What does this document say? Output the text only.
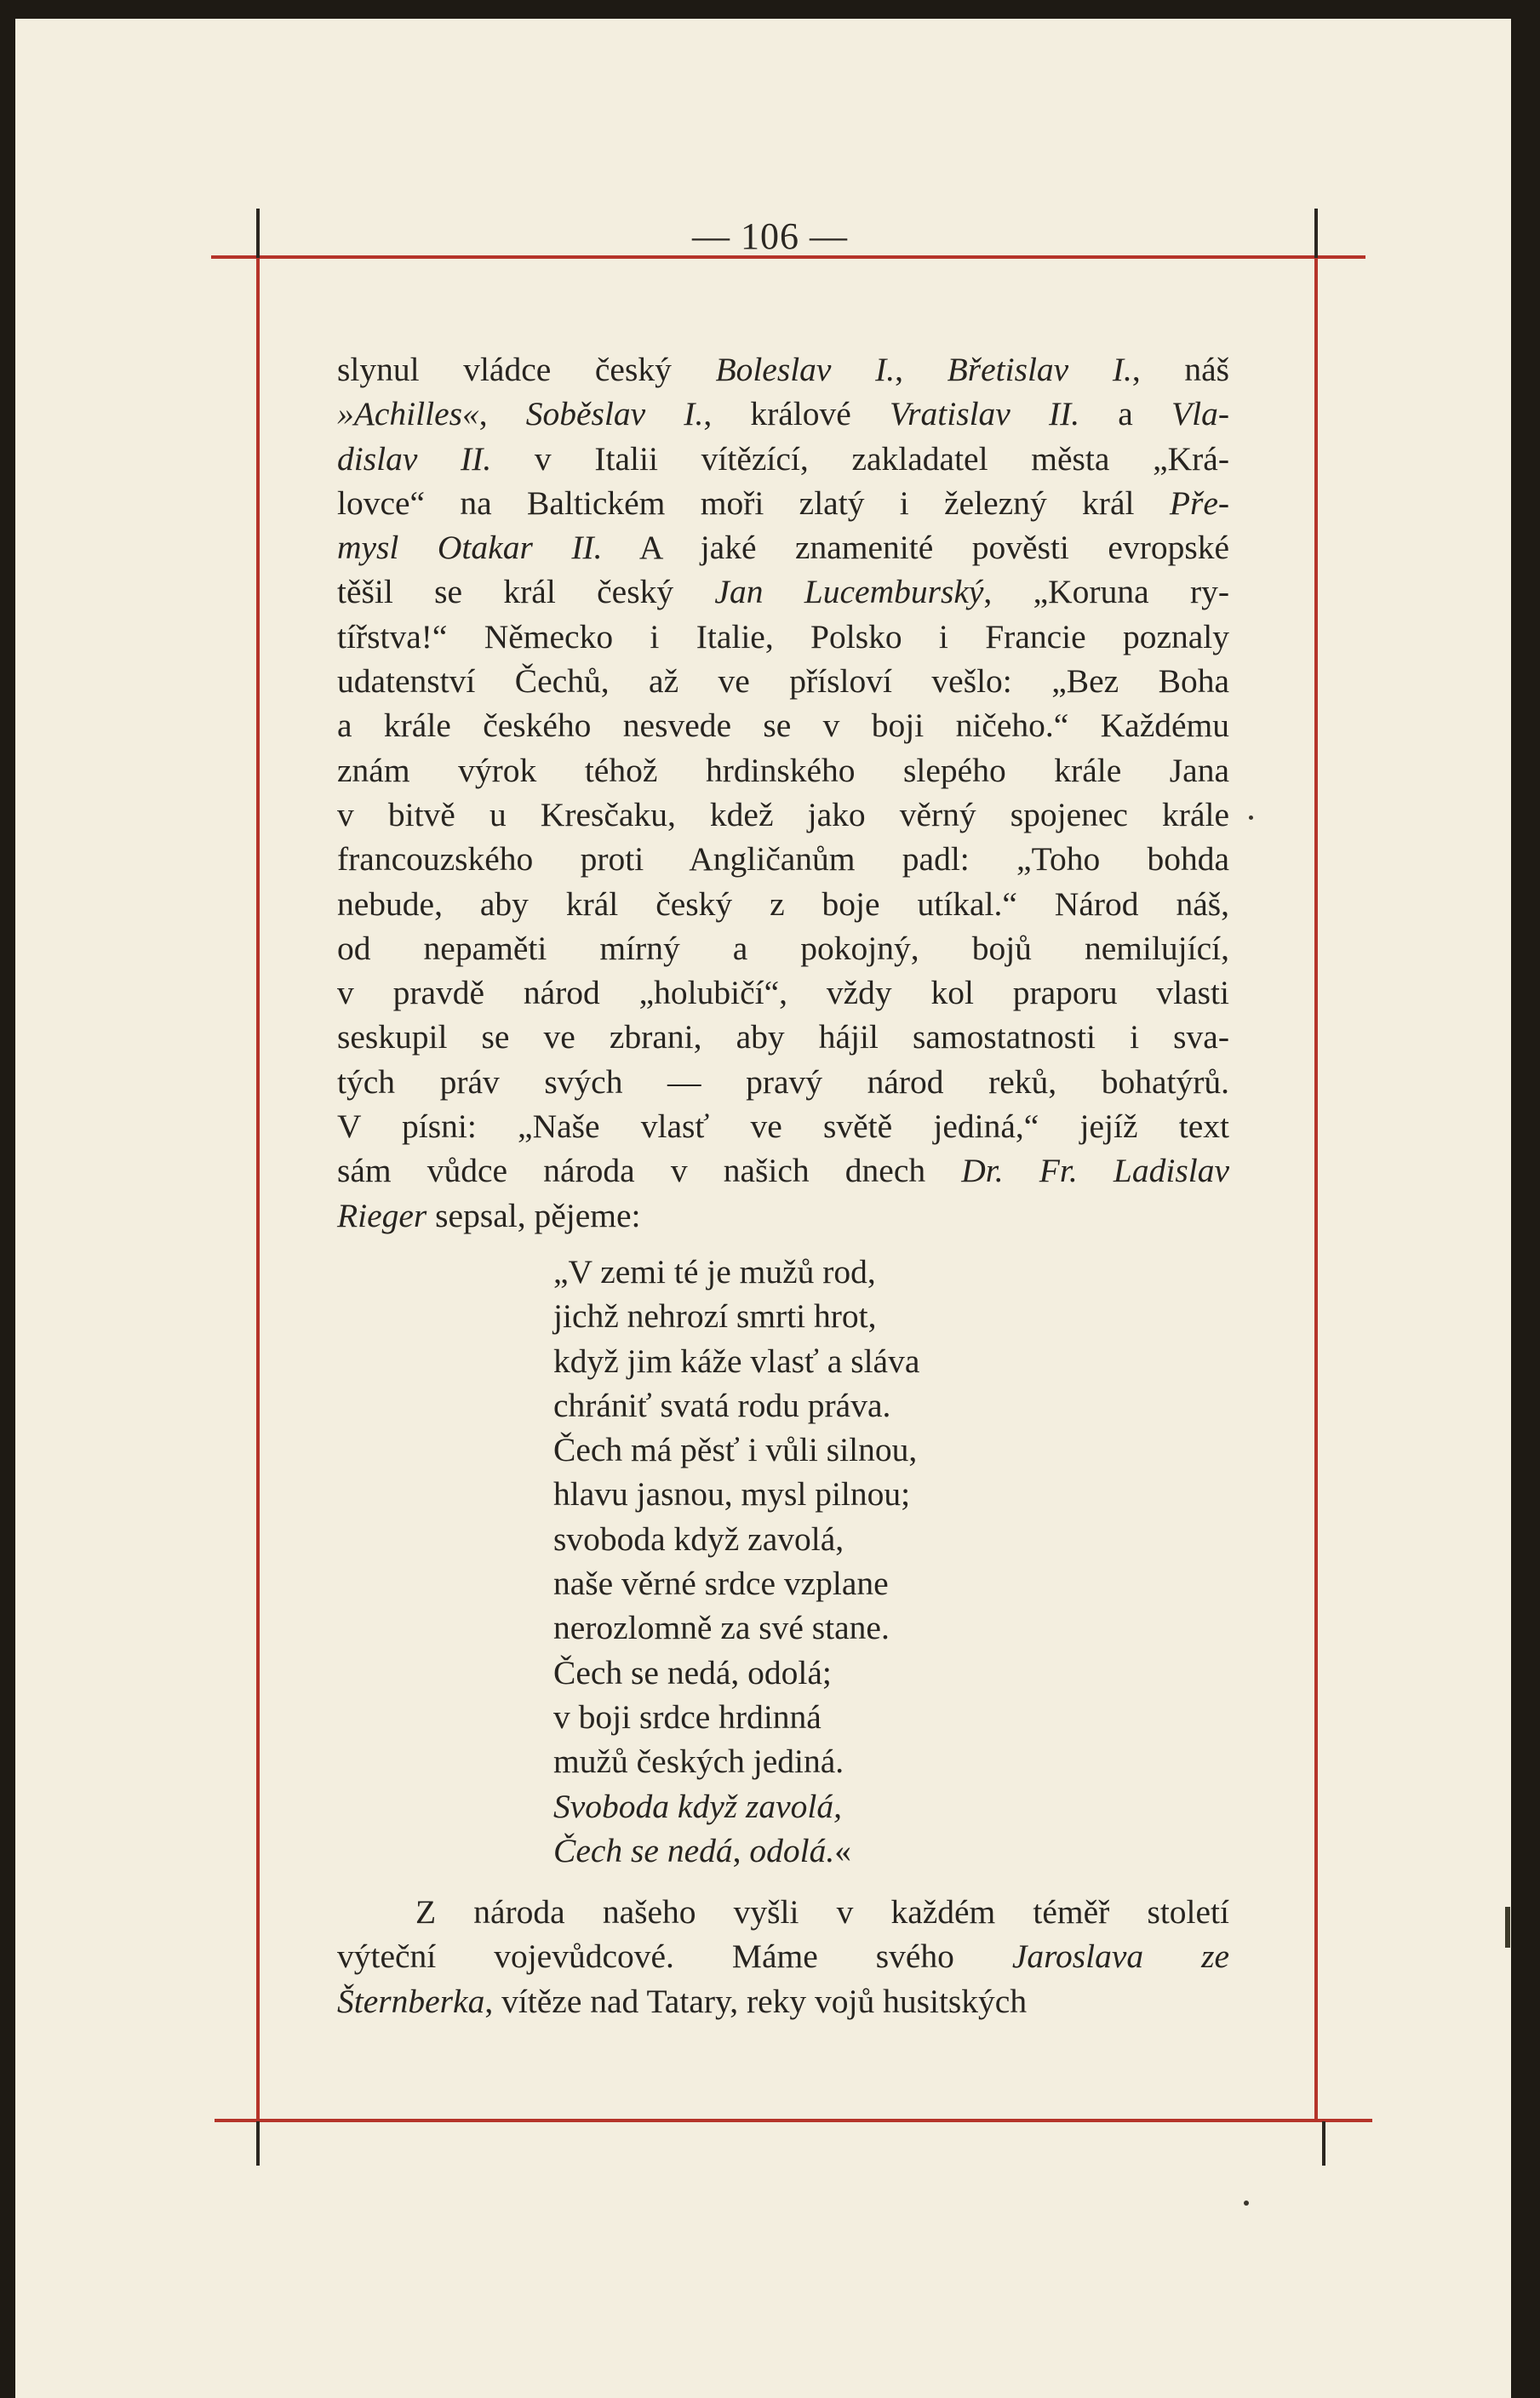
— 106 —

slynul vládce český Boleslav I., Břetislav I., náš

»Achilles«, Soběslav I., králové Vratislav II. a Vla-

dislav II. v Italii vítězící, zakladatel města „Krá-

lovce“ na Baltickém moři zlatý i železný král Pře-

mysl Otakar II. A jaké znamenité pověsti evropské

těšil se král český Jan Lucemburský, „Koruna ry-

tířstva!“ Německo i Italie, Polsko i Francie poznaly

udatenství Čechů, až ve přísloví vešlo: „Bez Boha

a krále českého nesvede se v boji ničeho.“ Každému

znám výrok téhož hrdinského slepého krále Jana

v bitvě u Kresčaku, kdež jako věrný spojenec krále

francouzského proti Angličanům padl: „Toho bohda

nebude, aby král český z boje utíkal.“ Národ náš,

od nepaměti mírný a pokojný, bojů nemilující,

v pravdě národ „holubičí“, vždy kol praporu vlasti

seskupil se ve zbrani, aby hájil samostatnosti i sva-

tých práv svých — pravý národ reků, bohatýrů.

V písni: „Naše vlasť ve světě jediná,“ jejíž text

sám vůdce národa v našich dnech Dr. Fr. Ladislav

Rieger sepsal, pějeme:

„V zemi té je mužů rod,
jichž nehrozí smrti hrot,
když jim káže vlasť a sláva
chrániť svatá rodu práva.
Čech má pěsť i vůli silnou,
hlavu jasnou, mysl pilnou;
svoboda když zavolá,
naše věrné srdce vzplane
nerozlomně za své stane.
Čech se nedá, odolá;
v boji srdce hrdinná
mužů českých jediná.
Svoboda když zavolá,
Čech se nedá, odolá.«

Z národa našeho vyšli v každém téměř století

výteční vojevůdcové. Máme svého Jaroslava ze

Šternberka, vítěze nad Tatary, reky vojů husitských
